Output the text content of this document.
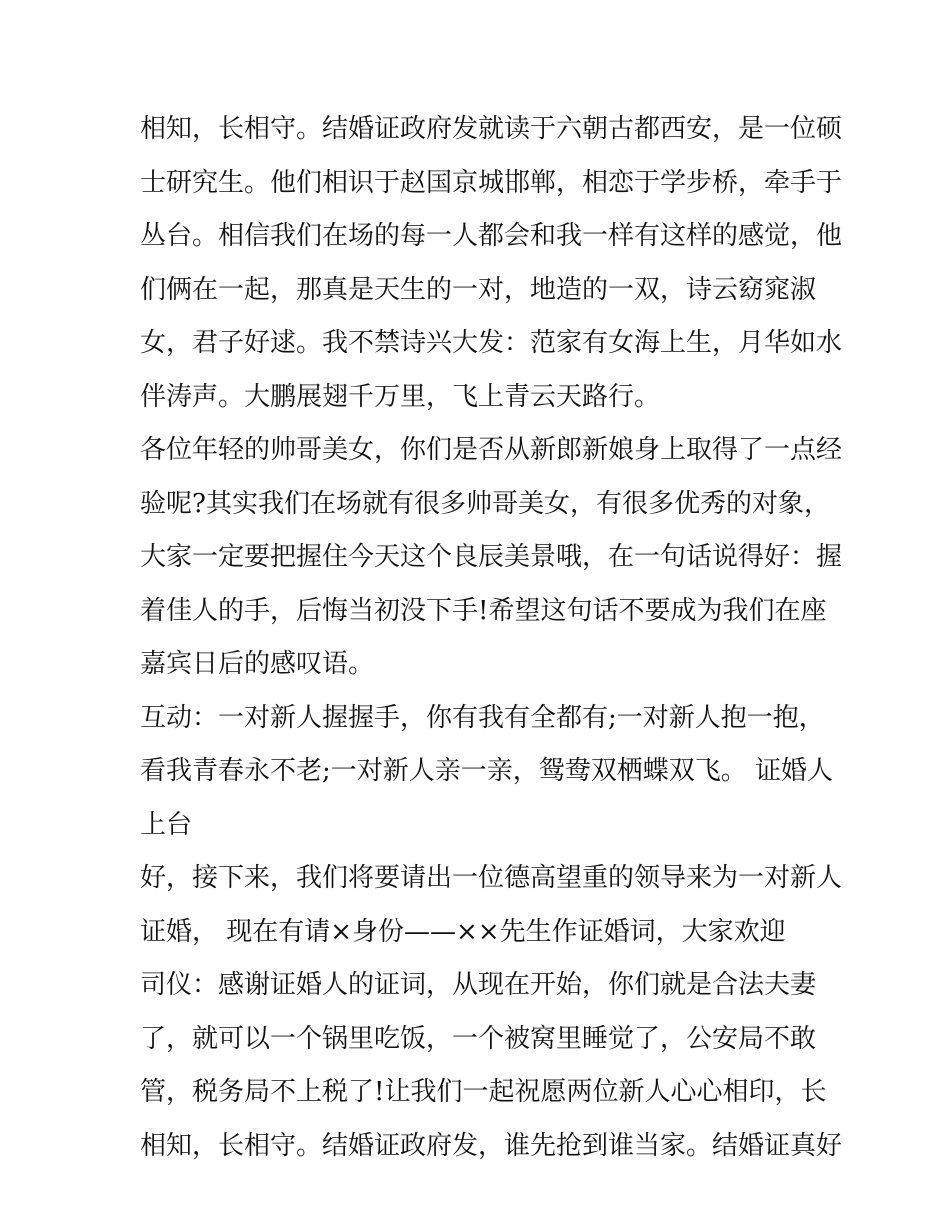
相知，长相守。结婚证政府发就读于六朝古都西安，是一位硕
士研究生。他们相识于赵国京城邯郸，相恋于学步桥，牵手于
丛台。相信我们在场的每一人都会和我一样有这样的感觉，他
们俩在一起，那真是天生的一对，地造的一双，诗云窈窕淑
女，君子好逑。我不禁诗兴大发：范家有女海上生，月华如水
伴涛声。大鹏展翅千万里，飞上青云天路行。
各位年轻的帅哥美女，你们是否从新郎新娘身上取得了一点经
验呢?其实我们在场就有很多帅哥美女，有很多优秀的对象，
大家一定要把握住今天这个良辰美景哦，在一句话说得好：握
着佳人的手，后悔当初没下手!希望这句话不要成为我们在座
嘉宾日后的感叹语。
互动：一对新人握握手，你有我有全都有;一对新人抱一抱，
看我青春永不老;一对新人亲一亲，鸳鸯双栖蝶双飞。 证婚人
上台
好，接下来，我们将要请出一位德高望重的领导来为一对新人
证婚， 现在有请×身份——××先生作证婚词，大家欢迎
司仪：感谢证婚人的证词，从现在开始，你们就是合法夫妻
了，就可以一个锅里吃饭，一个被窝里睡觉了，公安局不敢
管，税务局不上税了!让我们一起祝愿两位新人心心相印，长
相知，长相守。结婚证政府发，谁先抢到谁当家。结婚证真好
